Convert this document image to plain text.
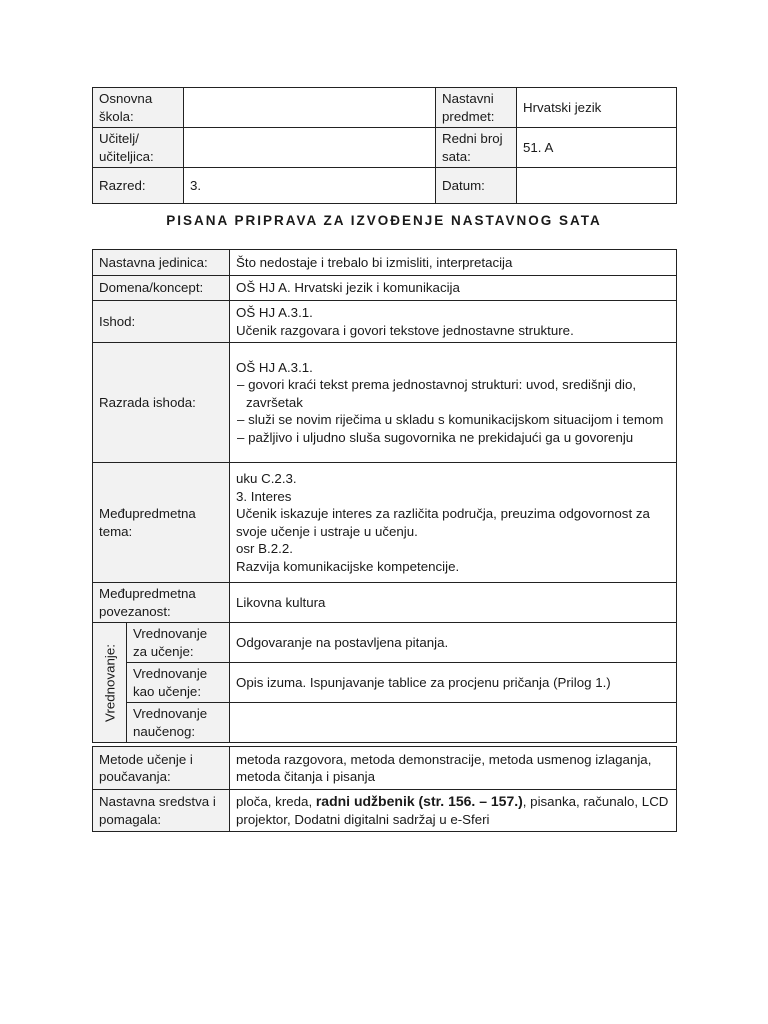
Osnovna škola:		Nastavni predmet:	Hrvatski jezik
Učitelj/ učiteljica:		Redni broj sata:	51. A
Razred:	3.	Datum:	
PISANA PRIPRAVA ZA IZVOĐENJE NASTAVNOG SATA
Nastavna jedinica:		Što nedostaje i trebalo bi izmisliti, interpretacija
Domena/koncept:		OŠ HJ A. Hrvatski jezik i komunikacija
Ishod:		OŠ HJ A.3.1.
Učenik razgovara i govori tekstove jednostavne strukture.

Razrada ishoda:		OŠ HJ A.3.1.
– govori kraći tekst prema jednostavnoj strukturi: uvod, središnji dio, završetak
– služi se novim riječima u skladu s komunikacijskom situacijom i temom
– pažljivo i uljudno sluša sugovornika ne prekidajući ga u govorenju

Međupredmetna tema:		uku C.2.3.
3. Interes
Učenik iskazuje interes za različita područja, preuzima odgovornost za svoje učenje i ustraje u učenju.
osr B.2.2.
Razvija komunikacijske kompetencije.

Međupredmetna povezanost:		Likovna kultura

Vrednovanje:	Vrednovanje za učenje:	Odgovaranje na postavljena pitanja.
	Vrednovanje kao učenje:	Opis izuma. Ispunjavanje tablice za procjenu pričanja (Prilog 1.)
	Vrednovanje naučenog:	
Metode učenje i poučavanja:	metoda razgovora, metoda demonstracije, metoda usmenog izlaganja, metoda čitanja i pisanja
Nastavna sredstva i pomagala:	ploča, kreda, radni udžbenik (str. 156. – 157.), pisanka, računalo, LCD projektor, Dodatni digitalni sadržaj u e-Sferi
